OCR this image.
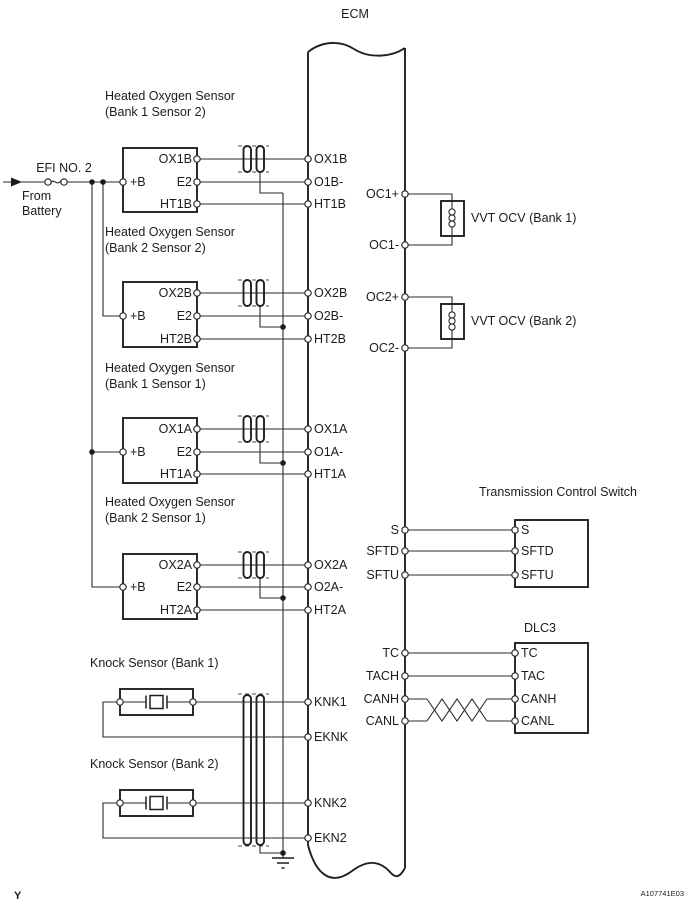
ECM
EFI NO. 2
From
Battery
Heated Oxygen Sensor
(Bank 1 Sensor 2)
OX1B
E2
HT1B
+B
OX1B
O1B-
HT1B
Heated Oxygen Sensor
(Bank 2 Sensor 2)
OX2B
E2
HT2B
+B
OX2B
O2B-
HT2B
Heated Oxygen Sensor
(Bank 1 Sensor 1)
OX1A
E2
HT1A
+B
OX1A
O1A-
HT1A
Heated Oxygen Sensor
(Bank 2 Sensor 1)
OX2A
E2
HT2A
+B
OX2A
O2A-
HT2A
OC1+
OC1-
VVT OCV (Bank 1)
OC2+
OC2-
VVT OCV (Bank 2)
Transmission Control Switch
S
SFTD
SFTU
S
SFTD
SFTU
DLC3
TC
TACH
CANH
CANL
TC
TAC
CANH
CANL
Knock Sensor (Bank 1)
KNK1
EKNK
Knock Sensor (Bank 2)
KNK2
EKN2
Y	A107741E03
